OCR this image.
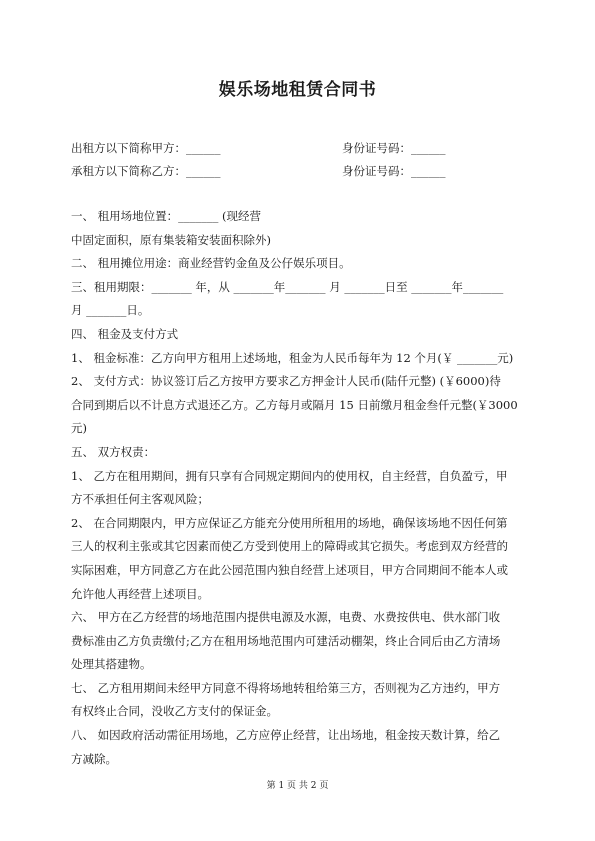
娱乐场地租赁合同书
出租方以下简称甲方：______	身份证号码：______
承租方以下简称乙方：______	身份证号码：______
一、 租用场地位置：_______ (现经营
中固定面积，原有集装箱安装面积除外)
二、 租用摊位用途：商业经营钓金鱼及公仔娱乐项目。
三、租用期限：_______ 年，从 _______年_______ 月 _______日至 _______年_______
月 _______日。
四、 租金及支付方式
1、 租金标准：乙方向甲方租用上述场地，租金为人民币每年为 12 个月(￥ _______元)
2、 支付方式：协议签订后乙方按甲方要求乙方押金计人民币(陆仟元整) (￥6000)待
合同到期后以不计息方式退还乙方。乙方每月或隔月 15 日前缴月租金叁仟元整(￥3000
元)
五、 双方权责：
1、 乙方在租用期间，拥有只享有合同规定期间内的使用权，自主经营，自负盈亏，甲
方不承担任何主客观风险；
2、 在合同期限内，甲方应保证乙方能充分使用所租用的场地，确保该场地不因任何第
三人的权利主张或其它因素而使乙方受到使用上的障碍或其它损失。考虑到双方经营的
实际困难，甲方同意乙方在此公园范围内独自经营上述项目，甲方合同期间不能本人或
允许他人再经营上述项目。
六、 甲方在乙方经营的场地范围内提供电源及水源，电费、水费按供电、供水部门收
费标准由乙方负责缴付;乙方在租用场地范围内可建活动棚架，终止合同后由乙方清场
处理其搭建物。
七、 乙方租用期间未经甲方同意不得将场地转租给第三方，否则视为乙方违约，甲方
有权终止合同，没收乙方支付的保证金。
八、 如因政府活动需征用场地，乙方应停止经营，让出场地，租金按天数计算，给乙
方减除。
第 1 页 共 2 页
